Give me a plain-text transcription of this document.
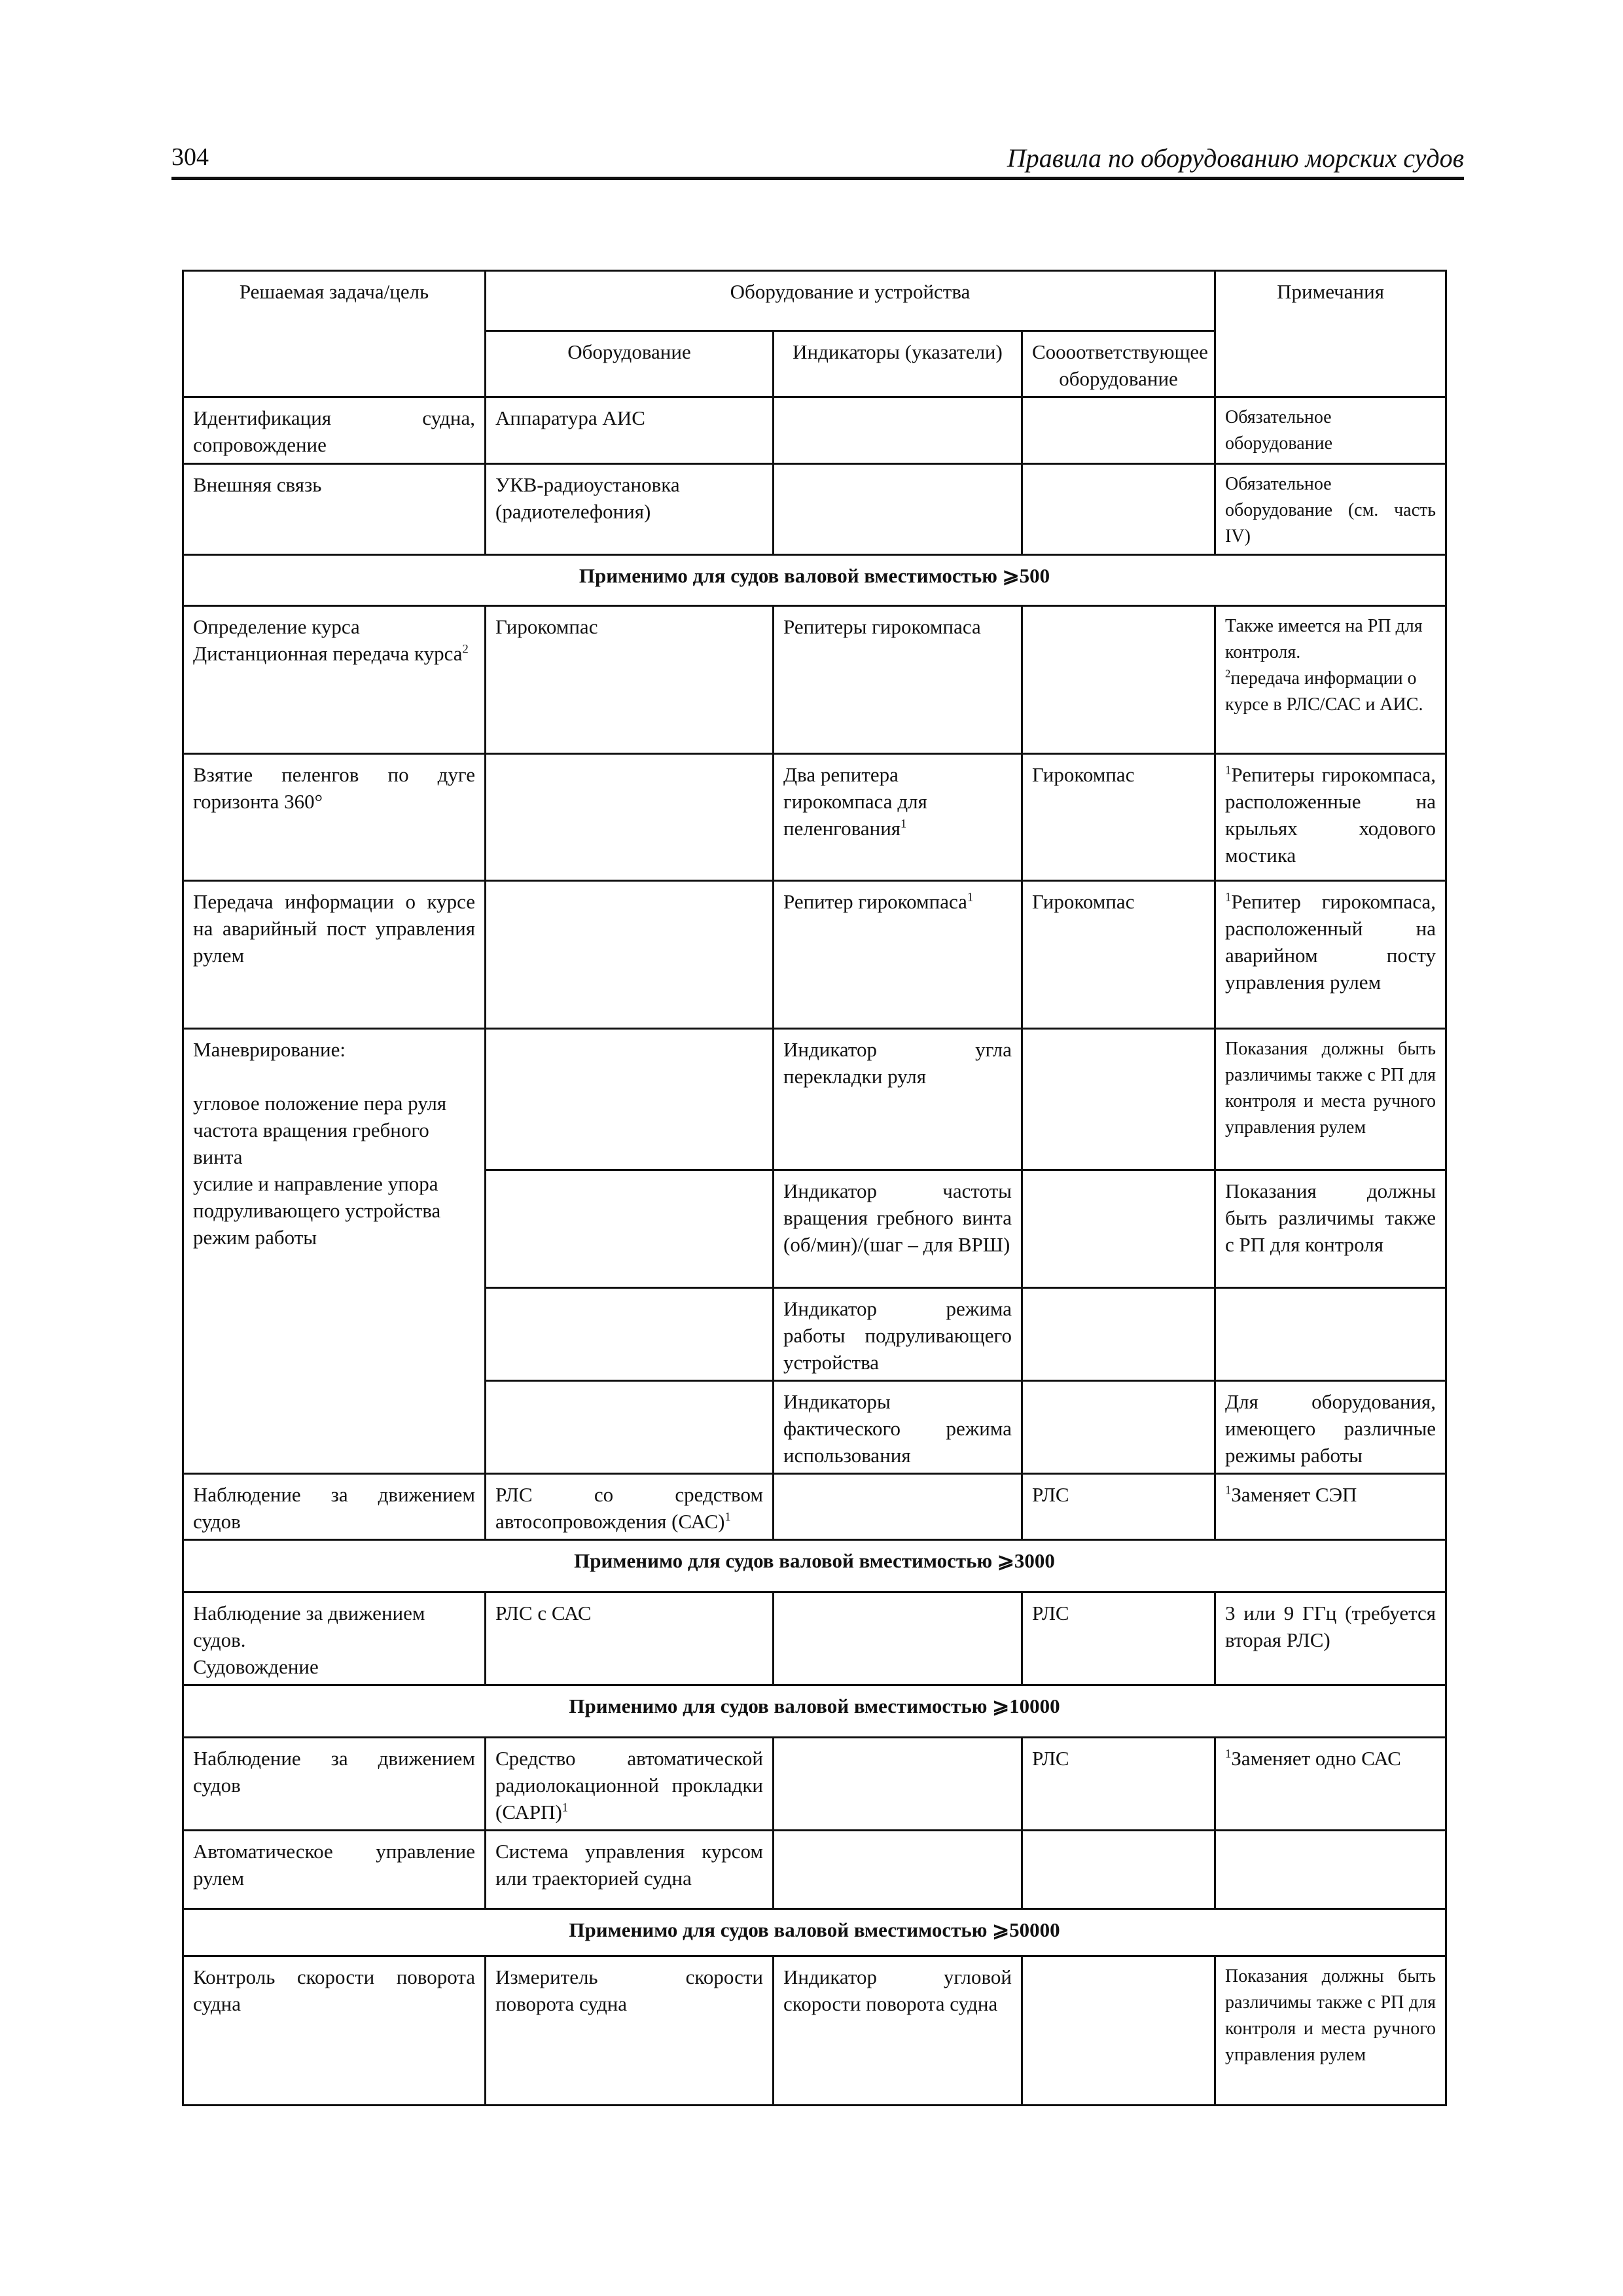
304	Правила по оборудованию морских судов
Решаемая задача/цель	Оборудование и устройства			Примечания
	Оборудование	Индикаторы (указатели)	Соооответствующее оборудование	
Идентификация судна, сопровождение	Аппаратура АИС			Обязательное оборудование
Внешняя связь	УКВ-радиоустановка (радиотелефония)			Обязательное оборудование (см. часть IV)
Применимо для судов валовой вместимостью ⩾500				

Определение курса
Дистанционная передача курса$^2$	Гирокомпас	Репитеры гирокомпаса		Также имеется на РП для контроля.
$^2$передача информации о курсе в РЛС/САС и АИС.
Взятие пеленгов по дуге горизонта 360°		Два репитера гирокомпаса для пеленгования$^1$	Гирокомпас	$^1$Репитеры гирокомпаса, расположенные на крыльях ходового мостика
Передача информации о курсе на аварийный пост управления рулем		Репитер гирокомпаса$^1$	Гирокомпас	$^1$Репитер гирокомпаса, расположенный на аварийном посту управления рулем

Маневрирование:
угловое положение пера руля
частота вращения гребного винта
усилие и направление упора подруливающего устройства
режим работы		Индикатор угла перекладки руля		Показания должны быть различимы также с РП для контроля и места ручного управления рулем
		Индикатор частоты вращения гребного винта (об/мин)/(шаг – для ВРШ)		Показания должны быть различимы также с РП для контроля
		Индикатор режима работы подруливающего устройства		
		Индикаторы фактического режима использования		Для оборудования, имеющего различные режимы работы
Наблюдение за движением судов	РЛС со средством автосопровождения (САС)$^1$		РЛС	$^1$Заменяет СЭП
Применимо для судов валовой вместимостью ⩾3000				

Наблюдение за движением судов.
Судовождение	РЛС с САС		РЛС	3 или 9 ГГц (требуется вторая РЛС)
Применимо для судов валовой вместимостью ⩾10000				
Наблюдение за движением судов	Средство автоматической радиолокационной прокладки (САРП)$^1$		РЛС	$^1$Заменяет одно САС
Автоматическое управление рулем	Система управления курсом или траекторией судна			
Применимо для судов валовой вместимостью ⩾50000				
Контроль скорости поворота судна	Измеритель скорости поворота судна	Индикатор угловой скорости поворота судна		Показания должны быть различимы также с РП для контроля и места ручного управления рулем
